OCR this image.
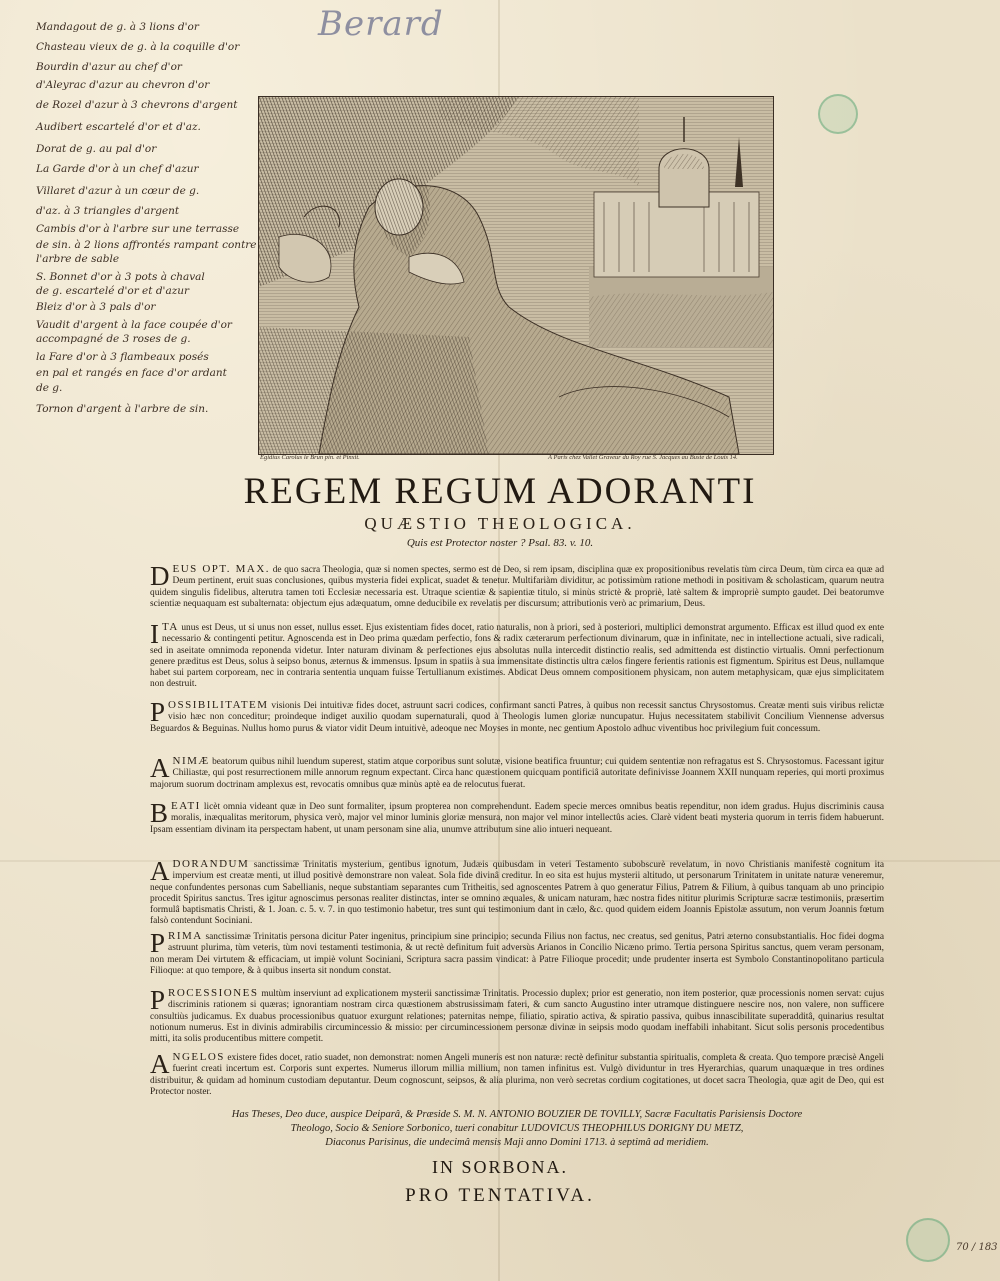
Berard
Mandagout de g. à 3 lions d'or
Chasteau vieux de g. à la coquille d'or
Bourdin d'azur au chef d'or
d'Aleyrac d'azur au chevron d'or
de Rozel d'azur à 3 chevrons d'argent
Audibert escartelé d'or et d'az.
Dorat de g. au pal d'or
La Garde d'or à un chef d'azur
Villaret d'azur à un cœur de g.
d'az. à 3 triangles d'argent
Cambis d'or à l'arbre sur une terrasse
de sin. à 2 lions affrontés rampant contre
l'arbre de sable
S. Bonnet d'or à 3 pots à chaval
de g. escartelé d'or et d'azur
Bleiz d'or à 3 pals d'or
Vaudit d'argent à la face coupée d'or
accompagné de 3 roses de g.
la Fare d'or à 3 flambeaux posés
en pal et rangés en face d'or ardant
de g.
Tornon d'argent à l'arbre de sin.
Egidius Carolus le Brun pin. et Pinxit.	A Paris chez Vallet Graveur du Roy rue S. Jacques au Buste de Louis 14.
REGEM REGUM ADORANTI
QUÆSTIO THEOLOGICA.
Quis est Protector noster ? Psal. 83. v. 10.
DEUS OPT. MAX. de quo sacra Theologia, quæ si nomen spectes, sermo est de Deo, si rem ipsam, disciplina quæ ex propositionibus revelatis tùm circa Deum, tùm circa ea quæ ad Deum pertinent, eruit suas conclusiones, quibus mysteria fidei explicat, suadet & tenetur. Multifariàm dividitur, ac potissimùm ratione methodi in positivam & scholasticam, quarum neutra quidem singulis fidelibus, alterutra tamen toti Ecclesiæ necessaria est. Utraque scientiæ & sapientiæ titulo, si minùs strictè & propriè, latè saltem & impropriè sumpto gaudet. Dei beatorumve scientiæ nequaquam est subalternata: objectum ejus adæquatum, omne deducibile ex revelatis per discursum; attributionis verò ac primarium, Deus.
ITA unus est Deus, ut si unus non esset, nullus esset. Ejus existentiam fides docet, ratio naturalis, non à priori, sed à posteriori, multiplici demonstrat argumento. Efficax est illud quod ex ente necessario & contingenti petitur. Agnoscenda est in Deo prima quædam perfectio, fons & radix cæterarum perfectionum divinarum, quæ in infinitate, nec in intellectione actuali, sive radicali, sed in aseitate omnimoda reponenda videtur. Inter naturam divinam & perfectiones ejus absolutas nulla intercedit distinctio realis, sed admittenda est distinctio virtualis. Omni perfectionum genere præditus est Deus, solus à seipso bonus, æternus & immensus. Ipsum in spatiis à sua immensitate distinctis ultra cælos fingere ferientis rationis est figmentum. Spiritus est Deus, nullamque habet sui partem corpoream, nec in contraria sententia unquam fuisse Tertullianum existimes. Abdicat Deus omnem compositionem physicam, non autem metaphysicam, quæ ejus simplicitatem non destruit.
POSSIBILITATEM visionis Dei intuitivæ fides docet, astruunt sacri codices, confirmant sancti Patres, à quibus non recessit sanctus Chrysostomus. Creatæ menti suis viribus relictæ visio hæc non conceditur; proindeque indiget auxilio quodam supernaturali, quod à Theologis lumen gloriæ nuncupatur. Hujus necessitatem stabilivit Concilium Viennense adversus Beguardos & Beguinas. Nullus homo purus & viator vidit Deum intuitivè, adeoque nec Moyses in monte, nec gentium Apostolo adhuc viventibus hoc privilegium fuit concessum.
ANIMÆ beatorum quibus nihil luendum superest, statim atque corporibus sunt solutæ, visione beatifica fruuntur; cui quidem sententiæ non refragatus est S. Chrysostomus. Facessant igitur Chiliastæ, qui post resurrectionem mille annorum regnum expectant. Circa hanc quæstionem quicquam pontificiâ autoritate definivisse Joannem XXII nunquam reperies, qui morti proximus majorum suorum doctrinam amplexus est, revocatis omnibus quæ minùs aptè ea de relocutus fuerat.
BEATI licèt omnia videant quæ in Deo sunt formaliter, ipsum propterea non comprehendunt. Eadem specie merces omnibus beatis rependitur, non idem gradus. Hujus discriminis causa moralis, inæqualitas meritorum, physica verò, major vel minor luminis gloriæ mensura, non major vel minor intellectûs acies. Clarè vident beati mysteria quorum in terris fidem habuerunt. Ipsam essentiam divinam ita perspectam habent, ut unam personam sine alia, unumve attributum sine alio intueri nequeant.
ADORANDUM sanctissimæ Trinitatis mysterium, gentibus ignotum, Judæis quibusdam in veteri Testamento subobscurè revelatum, in novo Christianis manifestè cognitum ita impervium est creatæ menti, ut illud positivè demonstrare non valeat. Sola fide divinâ creditur. In eo sita est hujus mysterii altitudo, ut personarum Trinitatem in unitate naturæ veneremur, neque confundentes personas cum Sabellianis, neque substantiam separantes cum Tritheitis, sed agnoscentes Patrem à quo generatur Filius, Patrem & Filium, à quibus tanquam ab uno principio procedit Spiritus sanctus. Tres igitur agnoscimus personas realiter distinctas, inter se omnino æquales, & unicam naturam, hæc nostra fides nititur plurimis Scripturæ sacræ testimoniis, præsertim formulâ baptismatis Christi, & 1. Joan. c. 5. v. 7. in quo testimonio habetur, tres sunt qui testimonium dant in cælo, &c. quod quidem eidem Joannis Epistolæ assutum, non verum Joannis fœtum falsò contendunt Sociniani.
PRIMA sanctissimæ Trinitatis persona dicitur Pater ingenitus, principium sine principio; secunda Filius non factus, nec creatus, sed genitus, Patri æterno consubstantialis. Hoc fidei dogma astruunt plurima, tùm veteris, tùm novi testamenti testimonia, & ut rectè definitum fuit adversùs Arianos in Concilio Nicæno primo. Tertia persona Spiritus sanctus, quem veram personam, non meram Dei virtutem & efficaciam, ut impiè volunt Sociniani, Scriptura sacra passim vindicat: à Patre Filioque procedit; unde prudenter inserta est Symbolo Constantinopolitano particula Filioque: at quo tempore, & à quibus inserta sit nondum constat.
PROCESSIONES multùm inserviunt ad explicationem mysterii sanctissimæ Trinitatis. Processio duplex; prior est generatio, non item posterior, quæ processionis nomen servat: cujus discriminis rationem si quæras; ignorantiam nostram circa quæstionem abstrusissimam fateri, & cum sancto Augustino inter utramque distinguere nescire nos, non valere, non sufficere consultiùs judicamus. Ex duabus processionibus quatuor exurgunt relationes; paternitas nempe, filiatio, spiratio activa, & spiratio passiva, quibus innascibilitate superadditâ, quinarius resultat notionum numerus. Est in divinis admirabilis circumincessio & missio: per circumincessionem personæ divinæ in seipsis modo quodam ineffabili inhabitant. Sicut solis personis procedentibus mitti, ita solis producentibus mittere competit.
ANGELOS existere fides docet, ratio suadet, non demonstrat: nomen Angeli muneris est non naturæ: rectè definitur substantia spiritualis, completa & creata. Quo tempore præcisè Angeli fuerint creati incertum est. Corporis sunt expertes. Numerus illorum millia millium, non tamen infinitus est. Vulgò dividuntur in tres Hyerarchias, quarum unaquæque in tres ordines distribuitur, & quidam ad hominum custodiam deputantur. Deum cognoscunt, seipsos, & alia plurima, non verò secretas cordium cogitationes, ut docet sacra Theologia, quæ agit de Deo, qui est Protector noster.
Has Theses, Deo duce, auspice Deiparâ, & Præside S. M. N. ANTONIO BOUZIER DE TOVILLY, Sacræ Facultatis Parisiensis Doctore
Theologo, Socio & Seniore Sorbonico, tueri conabitur LUDOVICUS THEOPHILUS DORIGNY DU METZ,
Diaconus Parisinus, die undecimâ mensis Maji anno Domini 1713. à septimâ ad meridiem.
IN SORBONA.
PRO TENTATIVA.
70 / 183
